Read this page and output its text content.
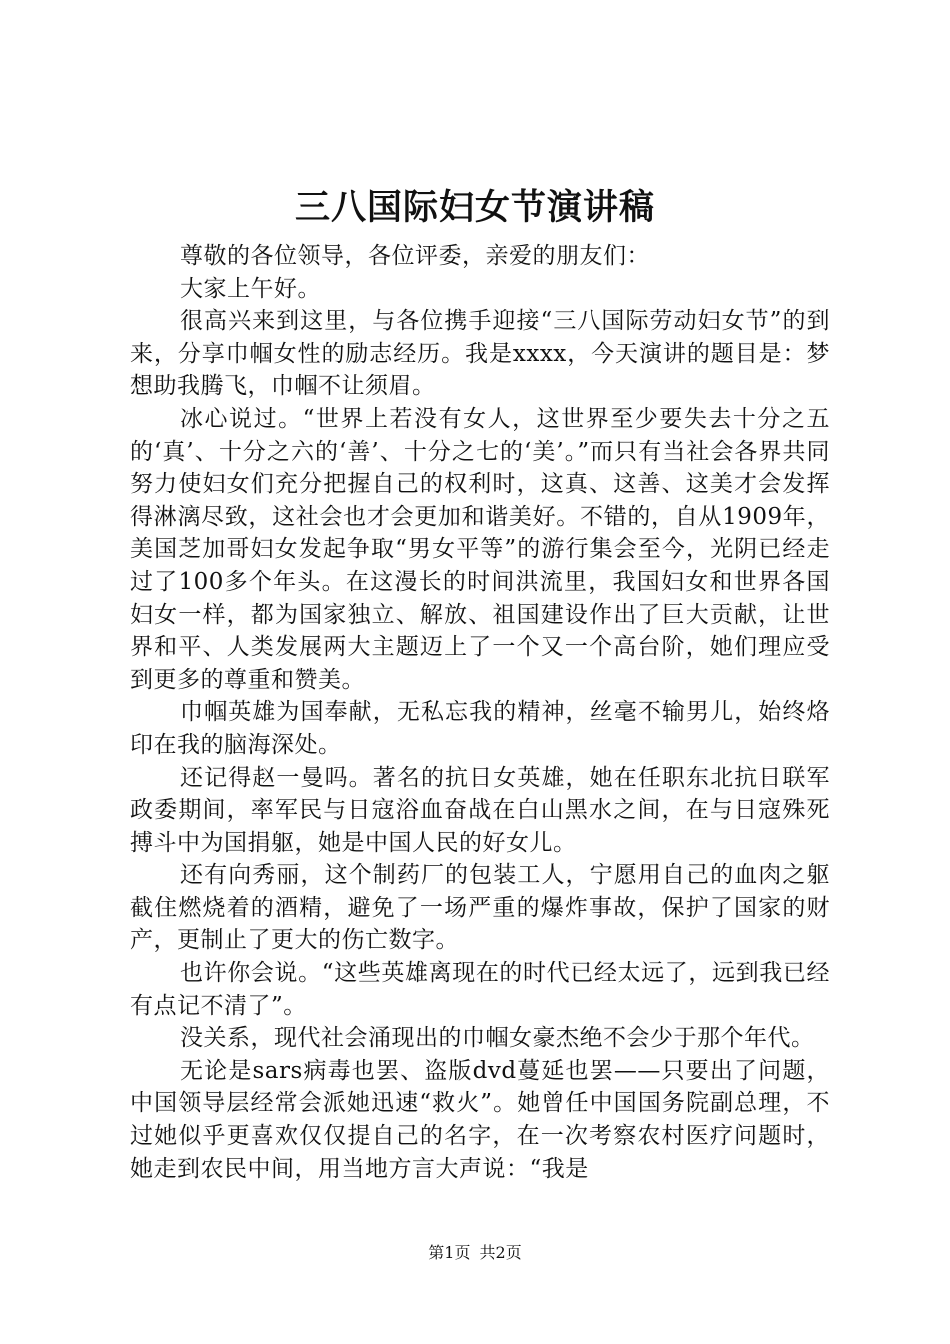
三八国际妇女节演讲稿

尊敬的各位领导，各位评委，亲爱的朋友们：

大家上午好。

很高兴来到这里，与各位携手迎接“三八国际劳动妇女节”的到来，分享巾帼女性的励志经历。我是xxxx，今天演讲的题目是：梦想助我腾飞，巾帼不让须眉。

冰心说过。“世界上若没有女人，这世界至少要失去十分之五的‘真’、十分之六的‘善’、十分之七的‘美’。”而只有当社会各界共同努力使妇女们充分把握自己的权利时，这真、这善、这美才会发挥得淋漓尽致，这社会也才会更加和谐美好。不错的，自从1909年，美国芝加哥妇女发起争取“男女平等”的游行集会至今，光阴已经走过了100多个年头。在这漫长的时间洪流里，我国妇女和世界各国妇女一样，都为国家独立、解放、祖国建设作出了巨大贡献，让世界和平、人类发展两大主题迈上了一个又一个高台阶，她们理应受到更多的尊重和赞美。

巾帼英雄为国奉献，无私忘我的精神，丝毫不输男儿，始终烙印在我的脑海深处。

还记得赵一曼吗。著名的抗日女英雄，她在任职东北抗日联军政委期间，率军民与日寇浴血奋战在白山黑水之间，在与日寇殊死搏斗中为国捐躯，她是中国人民的好女儿。

还有向秀丽，这个制药厂的包装工人，宁愿用自己的血肉之躯截住燃烧着的酒精，避免了一场严重的爆炸事故，保护了国家的财产，更制止了更大的伤亡数字。

也许你会说。“这些英雄离现在的时代已经太远了，远到我已经有点记不清了”。

没关系，现代社会涌现出的巾帼女豪杰绝不会少于那个年代。

无论是sars病毒也罢、盗版dvd蔓延也罢——只要出了问题，中国领导层经常会派她迅速“救火”。她曾任中国国务院副总理，不过她似乎更喜欢仅仅提自己的名字，在一次考察农村医疗问题时，她走到农民中间，用当地方言大声说：“我是

第1页 共2页
